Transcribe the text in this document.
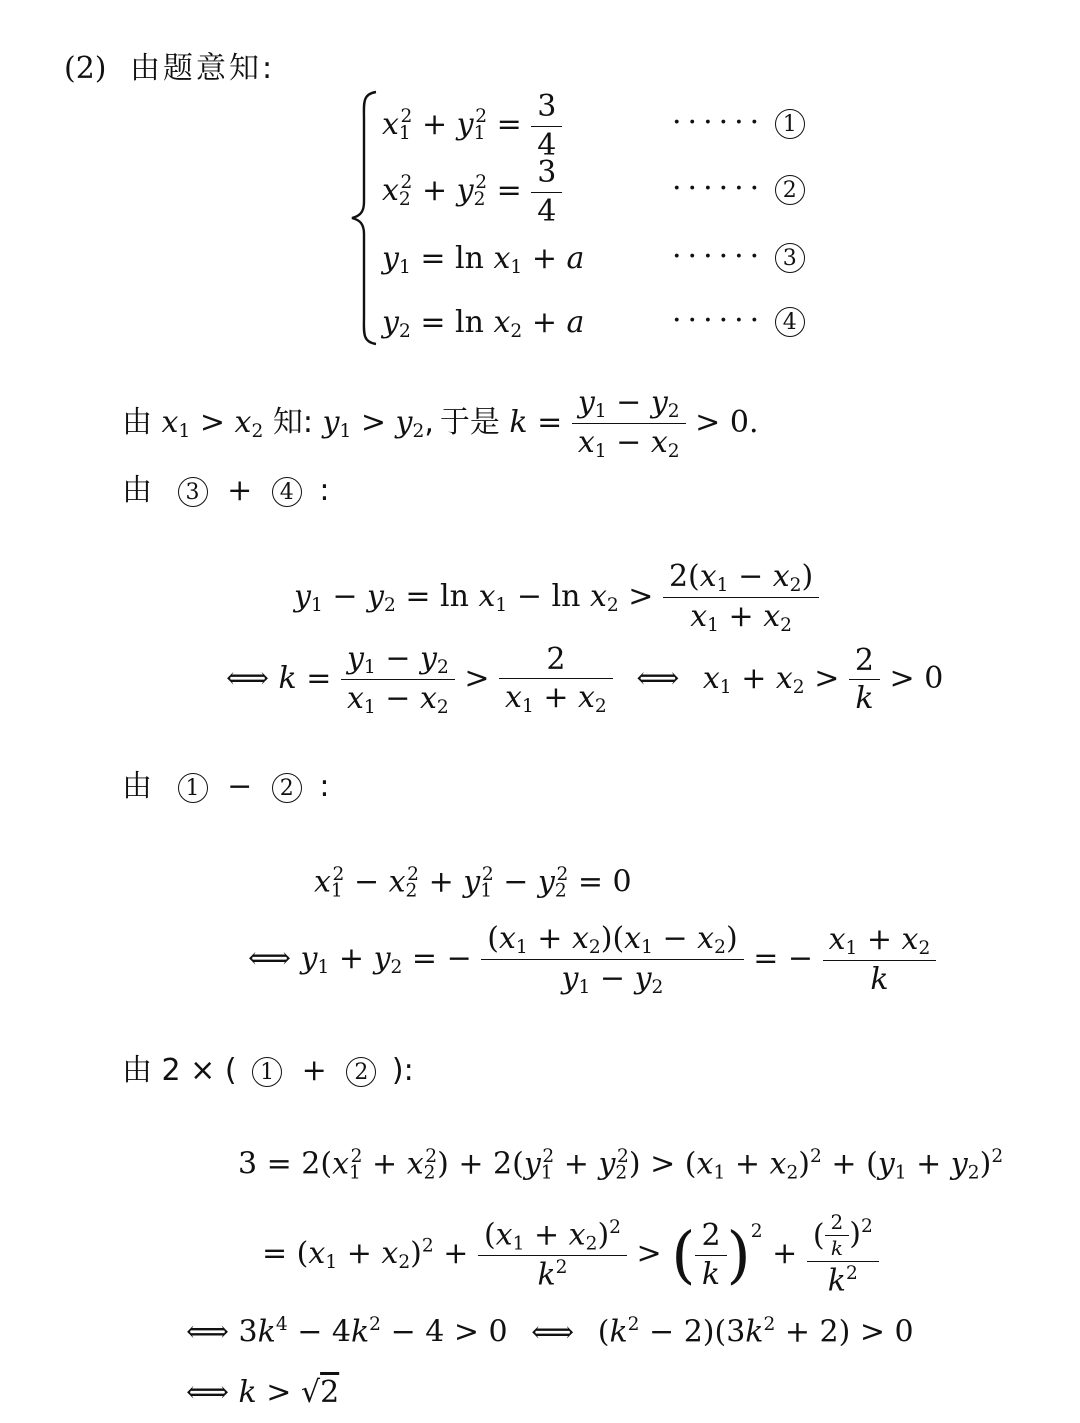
(2) 由题意知:
$x1^2 + y1^2 = \frac{3}{4}$	······ 1
$x2^2 + y2^2 = \frac{3}{4}$	······ 2
y1 = ln x1 + a	······ 3
y2 = ln x2 + a	······ 4
由 x1 > x2 知: y1 > y2, 于是 $k = \frac{y1 - y2}{x1 - x2} > 0$.
由 3 + 4 :
$y1 - y2 = \ln x1 - \ln x2 > \frac{2(x1 - x2)}{x1 + x2}$
⟺ $k = \frac{y1 - y2}{x1 - x2} > \frac{2}{x1 + x2}$ ⟺ $x1 + x2 > \frac{2}{k} > 0$
由 1 − 2 :
$x1^2 - x2^2 + y1^2 - y2^2 = 0$
⟺ y1 + y2 = − $\frac{(x1 + x2)(x1 - x2)}{y1 - y2}$ = − $\frac{x1 + x2}{k}$
由 2 × ( 1 + 2 ):
$3 = 2(x1^2 + x2^2) + 2(y1^2 + y2^2) > (x1 + x2)^2 + (y1 + y2)^2$
= $(x1 + x2)^2 + \frac{(x1 + x2)^2}{k^2}$ > ( $\frac{2}{k} )^2 + \frac{( \frac{2}{k} )^2}{k^2}$
⟺ $3k^4 - 4k^2 - 4 > 0$ ⟺ $(k^2 - 2)(3k^2 + 2) > 0$
⟺ k > √2
